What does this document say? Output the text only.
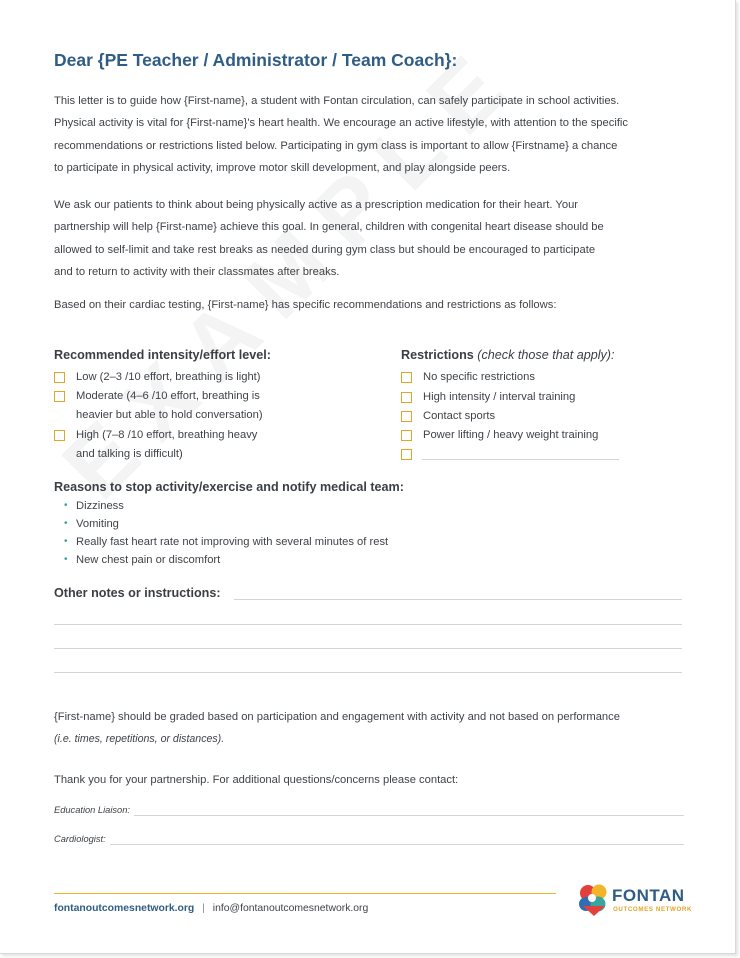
Dear {PE Teacher / Administrator / Team Coach}:
This letter is to guide how {First-name}, a student with Fontan circulation, can safely participate in school activities.
Physical activity is vital for {First-name}'s heart health. We encourage an active lifestyle, with attention to the specific
recommendations or restrictions listed below. Participating in gym class is important to allow {Firstname} a chance
to participate in physical activity, improve motor skill development, and play alongside peers.
We ask our patients to think about being physically active as a prescription medication for their heart. Your
partnership will help {First-name} achieve this goal. In general, children with congenital heart disease should be
allowed to self-limit and take rest breaks as needed during gym class but should be encouraged to participate
and to return to activity with their classmates after breaks.
Based on their cardiac testing, {First-name} has specific recommendations and restrictions as follows:
Recommended intensity/effort level:
Low (2–3 /10 effort, breathing is light)
Moderate (4–6 /10 effort, breathing is
heavier but able to hold conversation)
High (7–8 /10 effort, breathing heavy
and talking is difficult)
Restrictions (check those that apply):
No specific restrictions
High intensity / interval training
Contact sports
Power lifting / heavy weight training
Reasons to stop activity/exercise and notify medical team:
• Dizziness
• Vomiting
• Really fast heart rate not improving with several minutes of rest
• New chest pain or discomfort
Other notes or instructions:
{First-name} should be graded based on participation and engagement with activity and not based on performance
(i.e. times, repetitions, or distances).
Thank you for your partnership. For additional questions/concerns please contact:
Education Liaison:
Cardiologist:
fontanoutcomesnetwork.org | info@fontanoutcomesnetwork.org
FONTAN
OUTCOMES NETWORK
